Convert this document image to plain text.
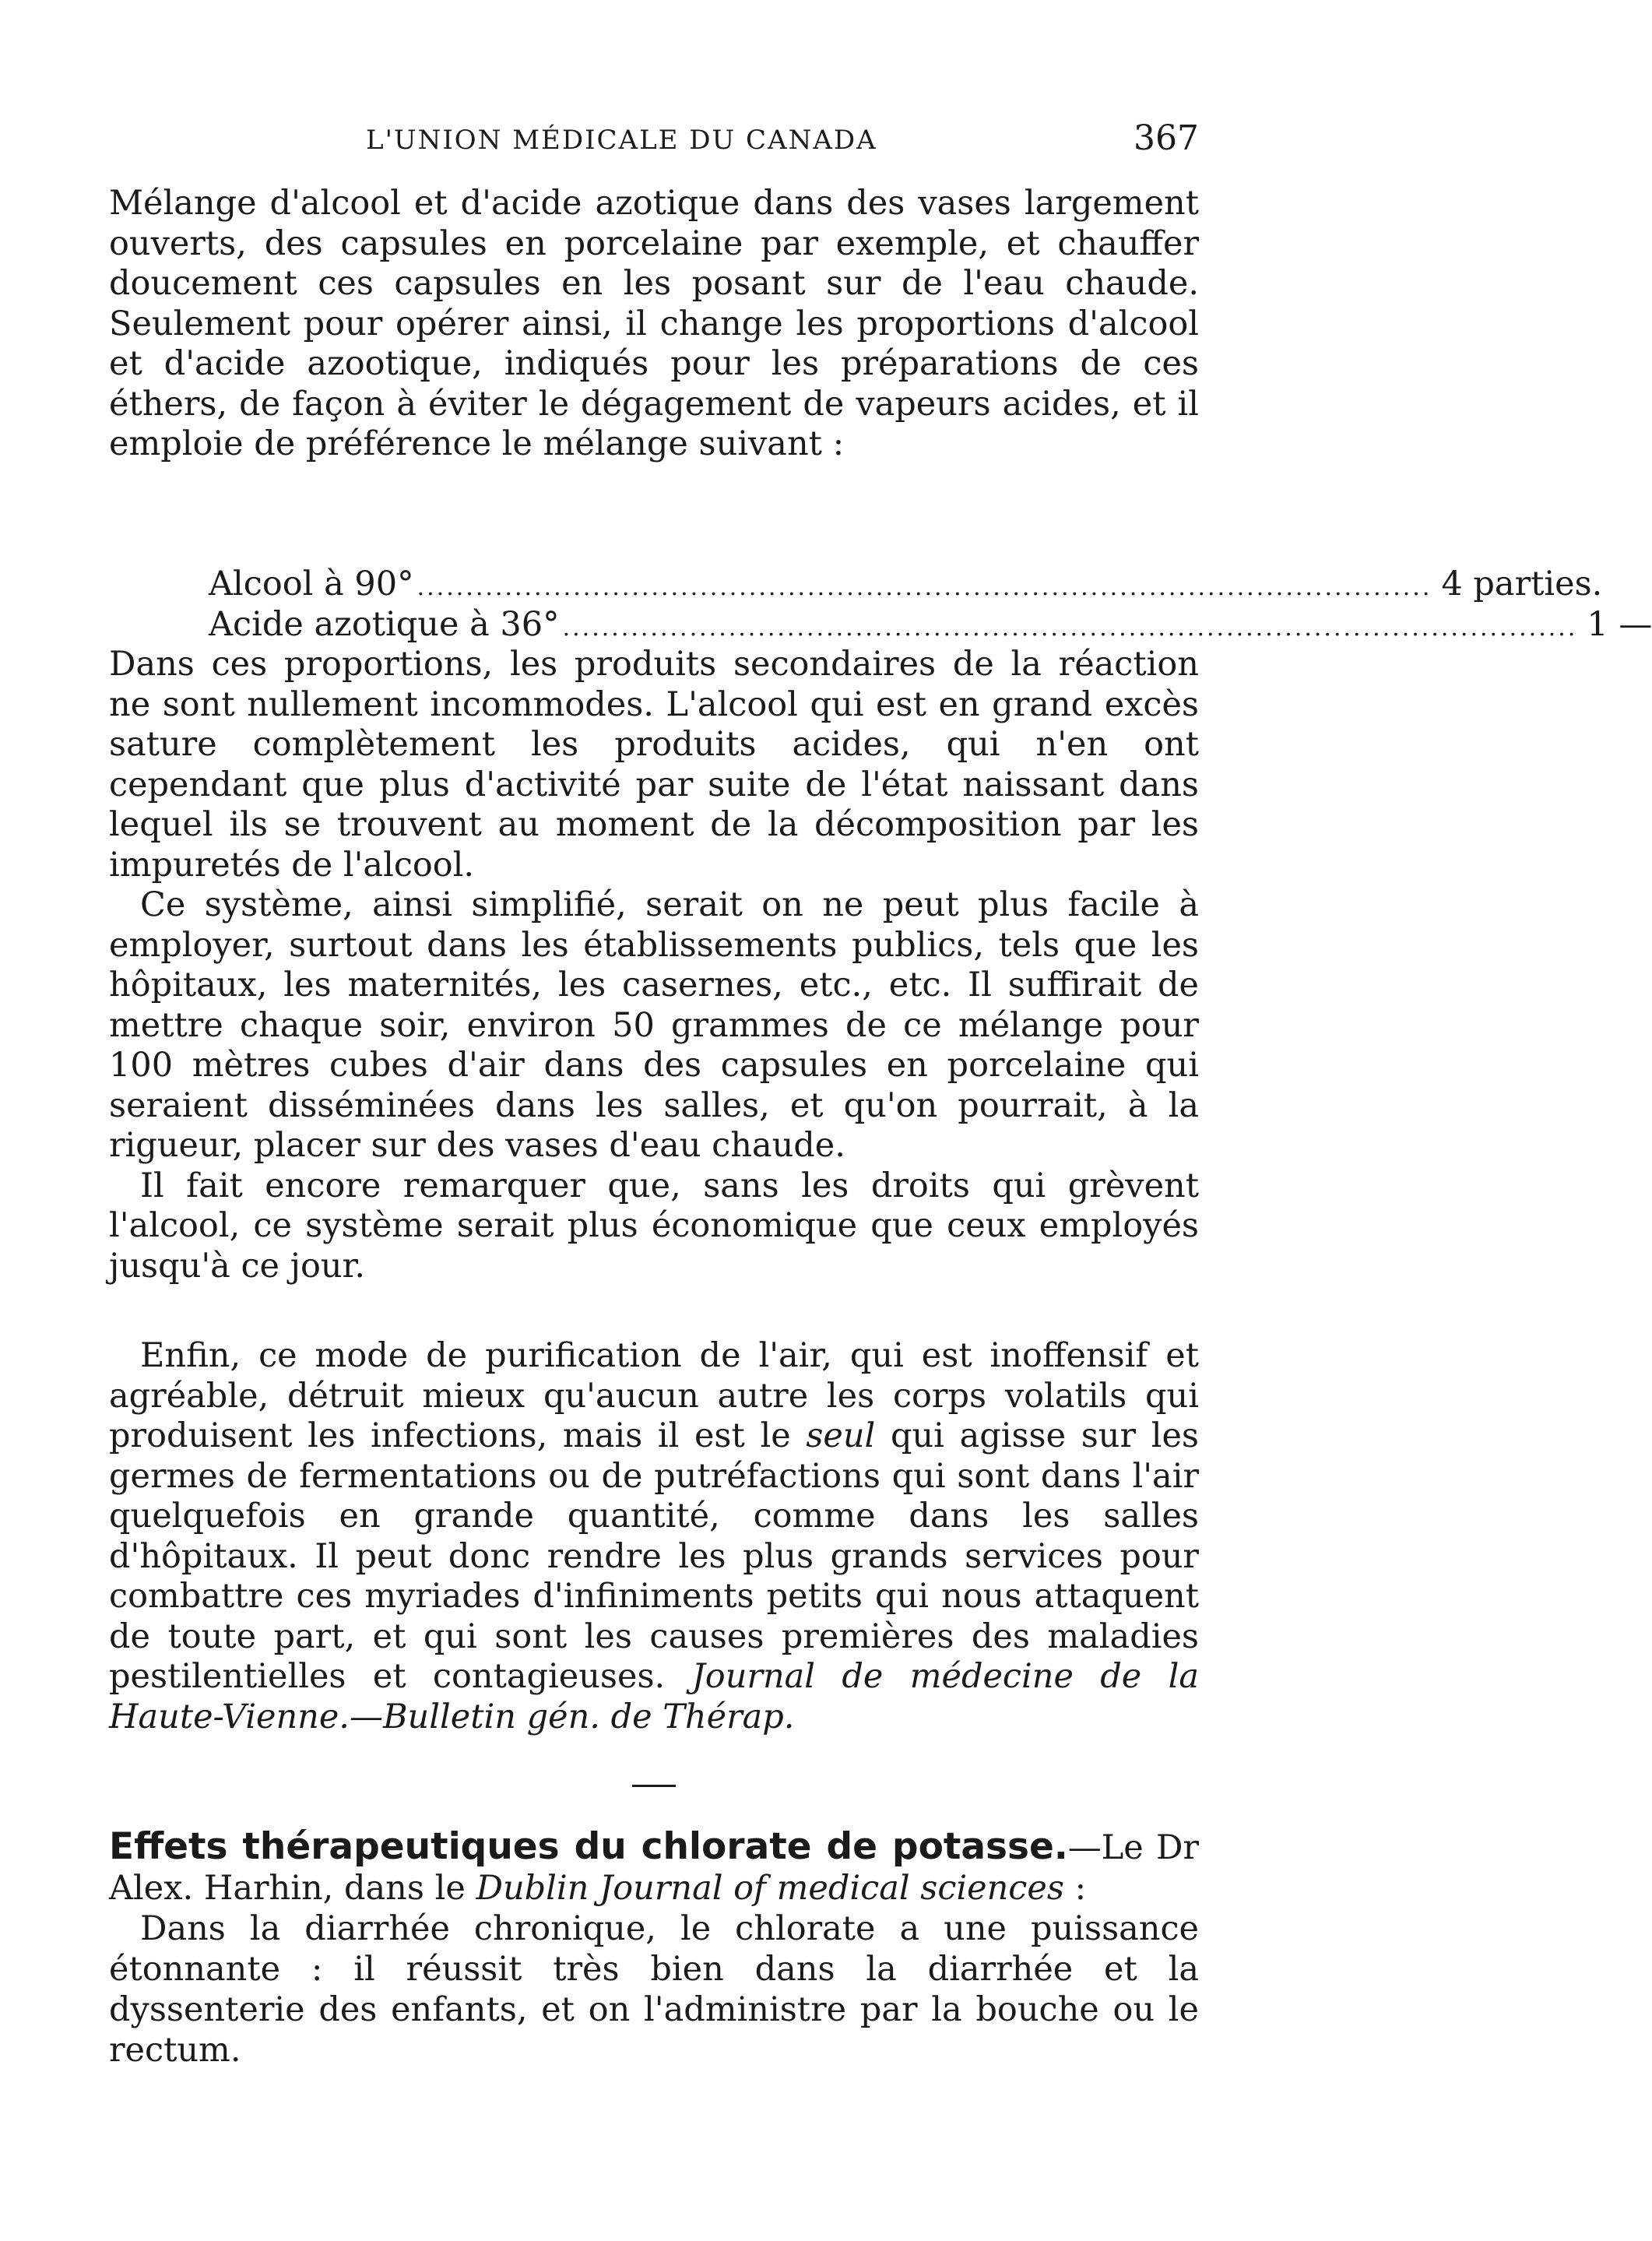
L'UNION MÉDICALE DU CANADA	367

Mélange d'alcool et d'acide azotique dans des vases largement ouverts, des capsules en porcelaine par exemple, et chauffer doucement ces capsules en les posant sur de l'eau chaude. Seulement pour opérer ainsi, il change les proportions d'alcool et d'acide azootique, indiqués pour les préparations de ces éthers, de façon à éviter le dégagement de vapeurs acides, et il emploie de préférence le mélange suivant :

Alcool à 90° ........................................................................................................ 4 parties.
Acide azotique à 36° ........................................................................................................ 1 —

Dans ces proportions, les produits secondaires de la réaction ne sont nullement incommodes. L'alcool qui est en grand excès sature complètement les produits acides, qui n'en ont cependant que plus d'activité par suite de l'état naissant dans lequel ils se trouvent au moment de la décomposition par les impuretés de l'alcool.

Ce système, ainsi simplifié, serait on ne peut plus facile à employer, surtout dans les établissements publics, tels que les hôpitaux, les maternités, les casernes, etc., etc. Il suffirait de mettre chaque soir, environ 50 grammes de ce mélange pour 100 mètres cubes d'air dans des capsules en porcelaine qui seraient disséminées dans les salles, et qu'on pourrait, à la rigueur, placer sur des vases d'eau chaude.

Il fait encore remarquer que, sans les droits qui grèvent l'alcool, ce système serait plus économique que ceux employés jusqu'à ce jour.

Enfin, ce mode de purification de l'air, qui est inoffensif et agréable, détruit mieux qu'aucun autre les corps volatils qui produisent les infections, mais il est le seul qui agisse sur les germes de fermentations ou de putréfactions qui sont dans l'air quelquefois en grande quantité, comme dans les salles d'hôpitaux. Il peut donc rendre les plus grands services pour combattre ces myriades d'infiniments petits qui nous attaquent de toute part, et qui sont les causes premières des maladies pestilentielles et contagieuses. Journal de médecine de la Haute-Vienne.—Bulletin gén. de Thérap.

Effets thérapeutiques du chlorate de potasse.—Le Dr Alex. Harhin, dans le Dublin Journal of medical sciences :

Dans la diarrhée chronique, le chlorate a une puissance étonnante : il réussit très bien dans la diarrhée et la dyssenterie des enfants, et on l'administre par la bouche ou le rectum.
